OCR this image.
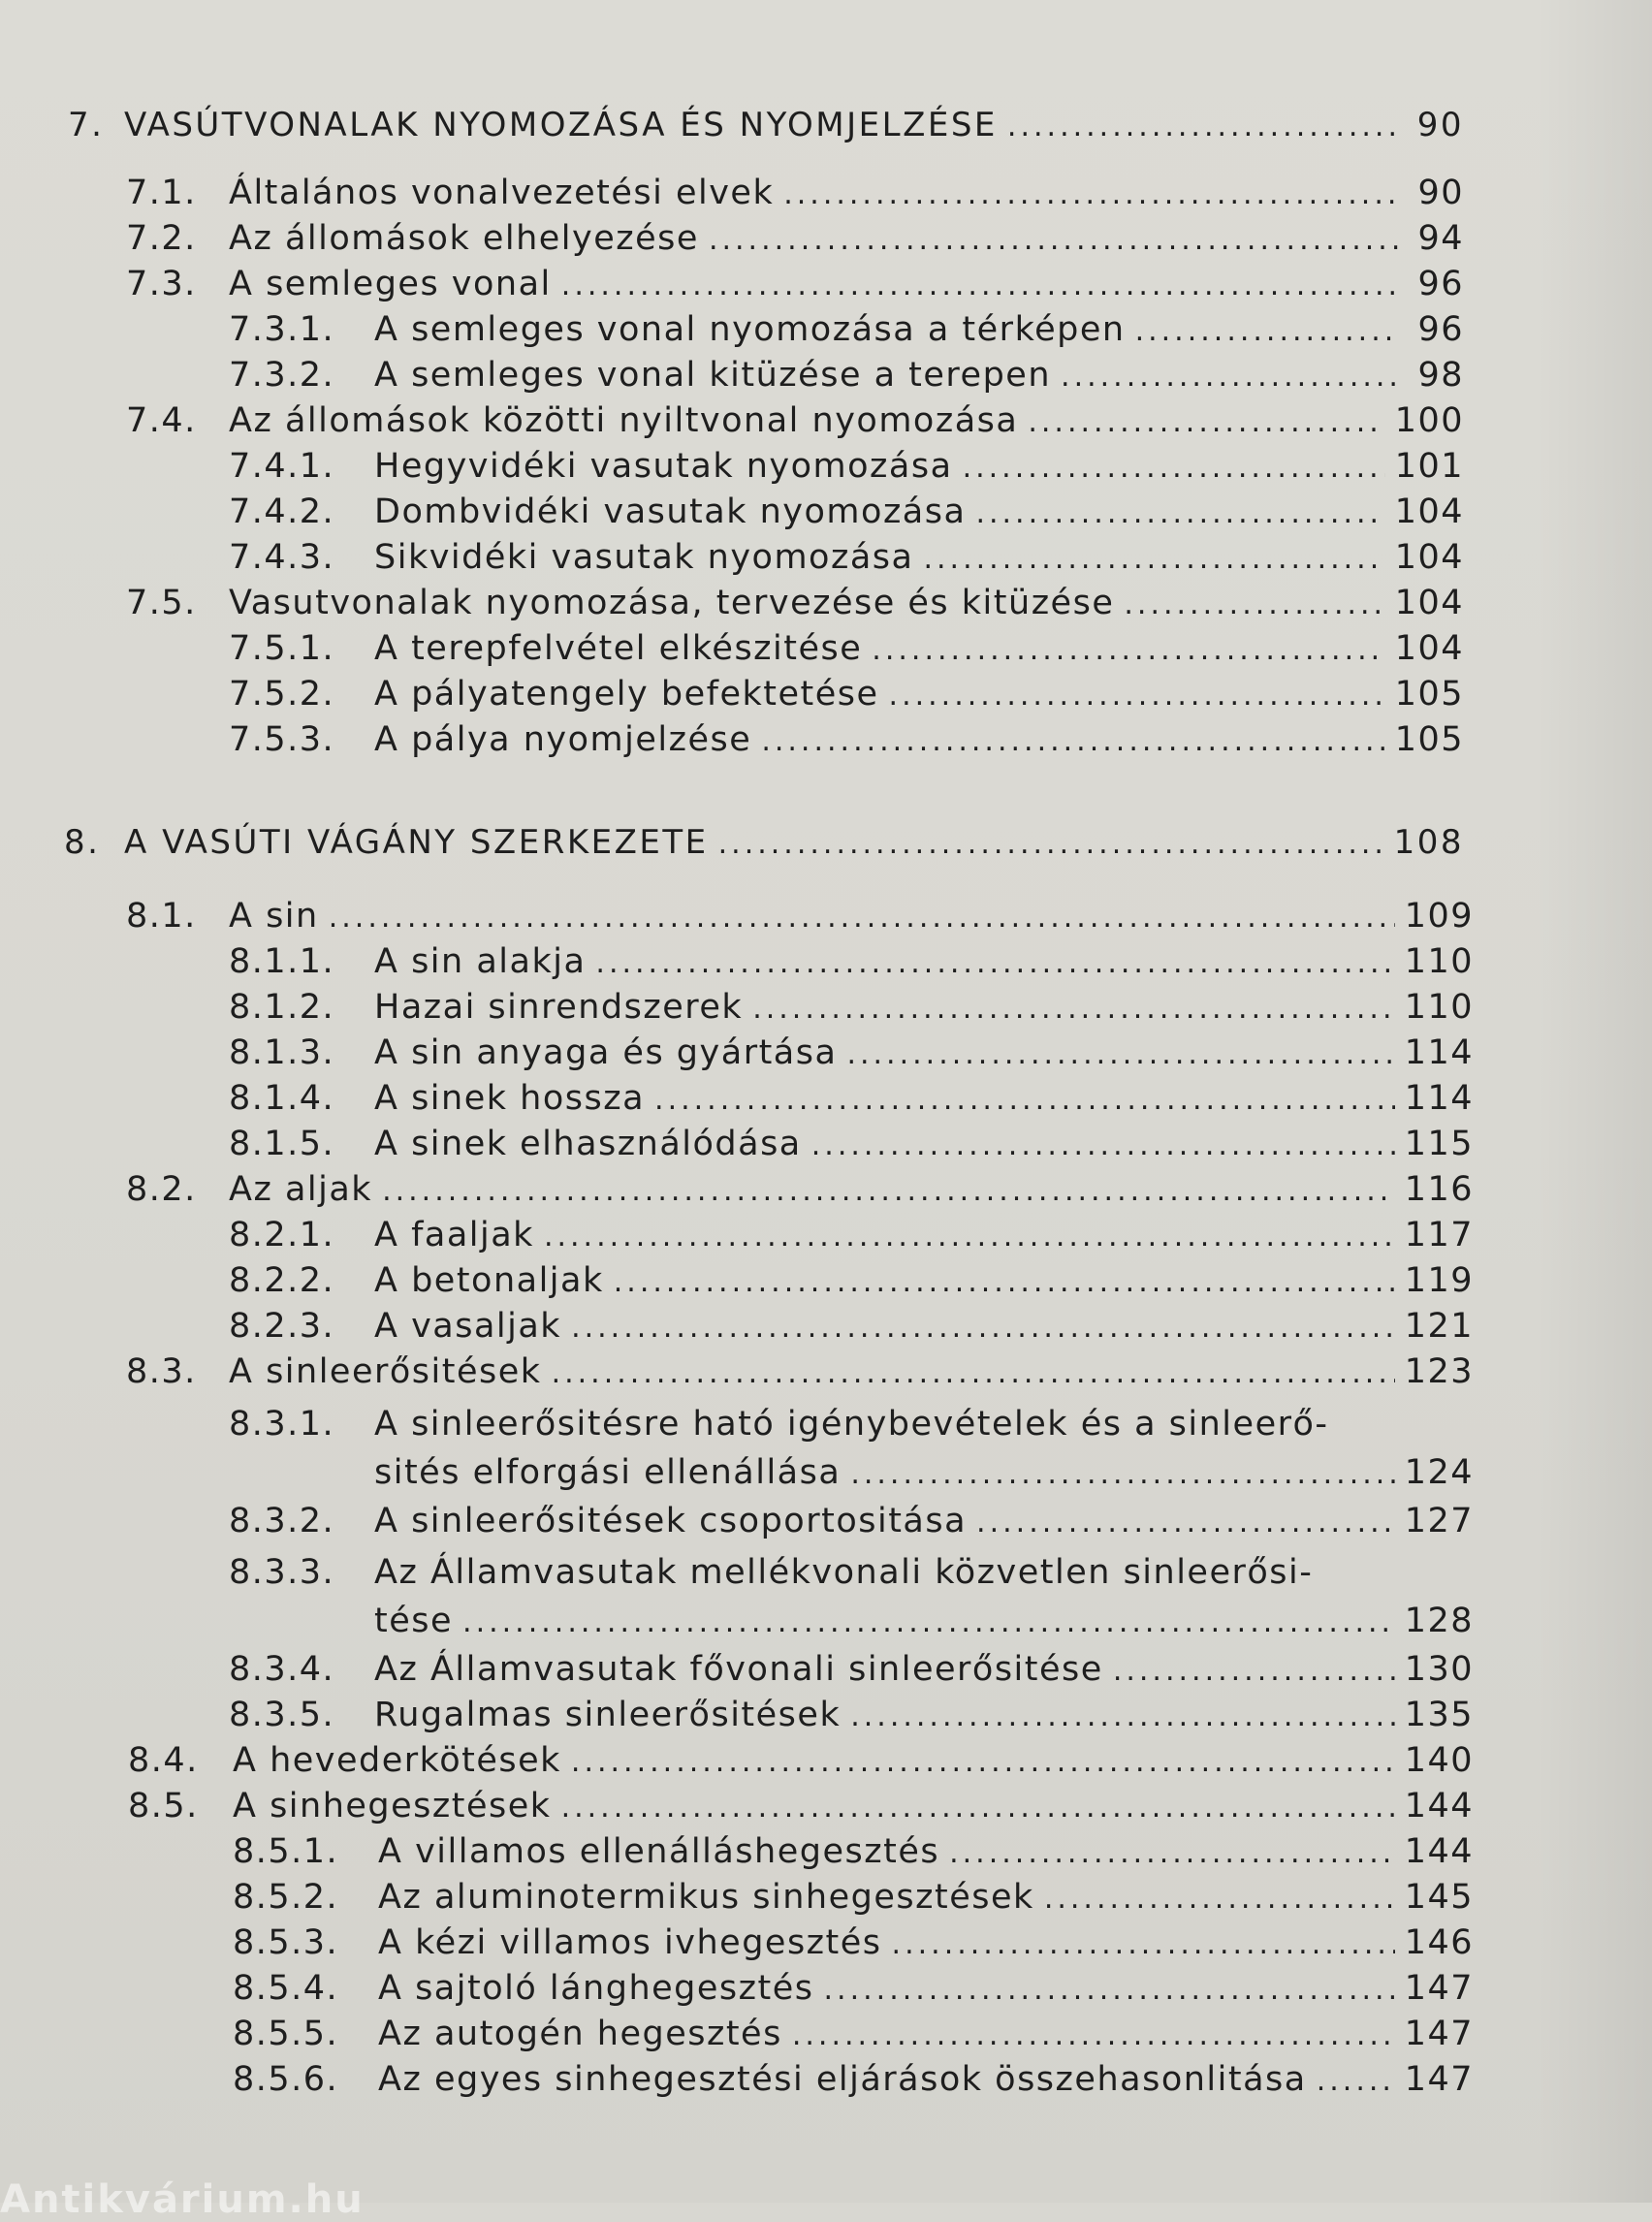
7. VASÚTVONALAK NYOMOZÁSA ÉS NYOMJELZÉSE .....	90
7.1. Általános vonalvezetési elvek .....	90
7.2. Az állomások elhelyezése .....	94
7.3. A semleges vonal .....	96
7.3.1.	A semleges vonal nyomozása a térképen .....	96
7.3.2.	A semleges vonal kitüzése a terepen .....	98
7.4. Az állomások közötti nyiltvonal nyomozása .....	100
7.4.1.	Hegyvidéki vasutak nyomozása .....	101
7.4.2.	Dombvidéki vasutak nyomozása .....	104
7.4.3.	Sikvidéki vasutak nyomozása .....	104
7.5. Vasutvonalak nyomozása, tervezése és kitüzése .....	104
7.5.1.	A terepfelvétel elkészitése .....	104
7.5.2.	A pályatengely befektetése .....	105
7.5.3.	A pálya nyomjelzése .....	105
8. A VASÚTI VÁGÁNY SZERKEZETE .....	108
8.1. A sin .....	109
8.1.1.	A sin alakja .....	110
8.1.2.	Hazai sinrendszerek .....	110
8.1.3.	A sin anyaga és gyártása .....	114
8.1.4.	A sinek hossza .....	114
8.1.5.	A sinek elhasználódása .....	115
8.2. Az aljak .....	116
8.2.1.	A faaljak .....	117
8.2.2.	A betonaljak .....	119
8.2.3.	A vasaljak .....	121
8.3. A sinleerősitések .....	123
8.3.1. A sinleerősitésre ható igénybevételek és a sinleerő-
sités elforgási ellenállása .....	124
8.3.2.	A sinleerősitések csoportositása .....	127
8.3.3. Az Államvasutak mellékvonali közvetlen sinleerősi-
tése .....	128
8.3.4.	Az Államvasutak fővonali sinleerősitése .....	130
8.3.5.	Rugalmas sinleerősitések .....	135
8.4.	A hevederkötések .....	140
8.5.	A sinhegesztések .....	144
8.5.1.	A villamos ellenálláshegesztés .....	144
8.5.2.	Az aluminotermikus sinhegesztések .....	145
8.5.3.	A kézi villamos ivhegesztés .....	146
8.5.4.	A sajtoló lánghegesztés .....	147
8.5.5.	Az autogén hegesztés .....	147
8.5.6.	Az egyes sinhegesztési eljárások összehasonlitása .....	147
Antikvárium.hu
